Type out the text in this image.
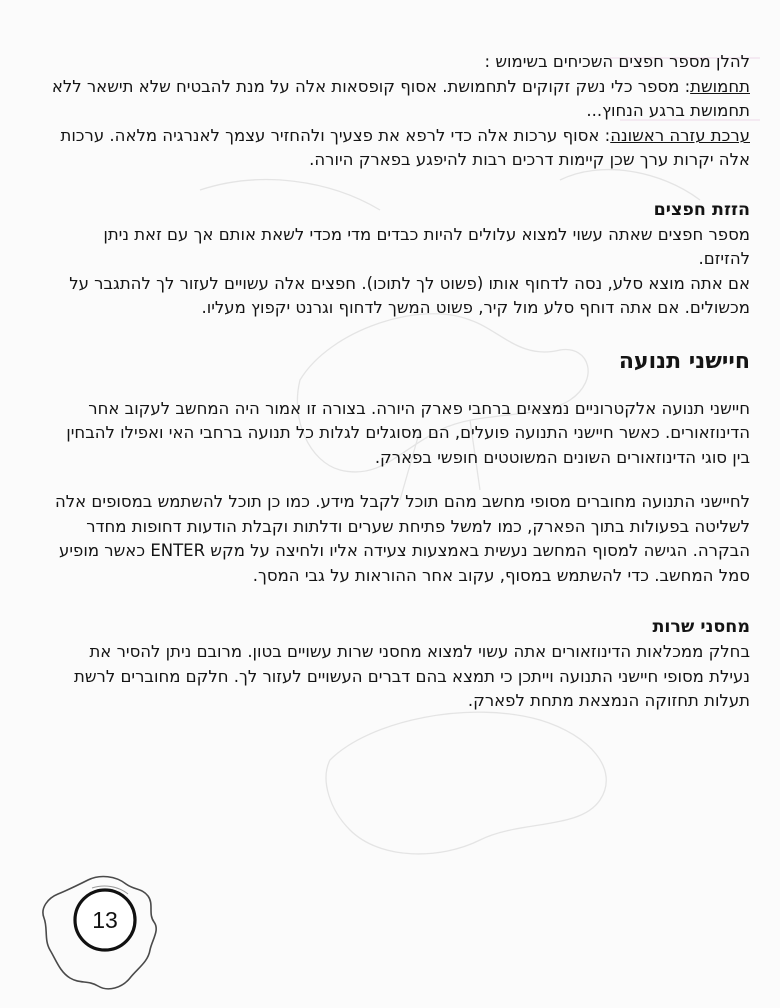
להלן מספר חפצים השכיחים בשימוש :

תחמושת: מספר כלי נשק זקוקים לתחמושת. אסוף קופסאות אלה על מנת להבטיח שלא תישאר ללא תחמושת ברגע הנחוץ...

ערכת עזרה ראשונה: אסוף ערכות אלה כדי לרפא את פצעיך ולהחזיר עצמך לאנרגיה מלאה. ערכות אלה יקרות ערך שכן קיימות דרכים רבות להיפגע בפארק היורה.

הזזת חפצים

מספר חפצים שאתה עשוי למצוא עלולים להיות כבדים מדי מכדי לשאת אותם אך עם זאת ניתן להזיזם.

אם אתה מוצא סלע, נסה לדחוף אותו (פשוט לך לתוכו). חפצים אלה עשויים לעזור לך להתגבר על מכשולים. אם אתה דוחף סלע מול קיר, פשוט המשך לדחוף וגרנט יקפוץ מעליו.

חיישני תנועה

חיישני תנועה אלקטרוניים נמצאים ברחבי פארק היורה. בצורה זו אמור היה המחשב לעקוב אחר הדינוזאורים. כאשר חיישני התנועה פועלים, הם מסוגלים לגלות כל תנועה ברחבי האי ואפילו להבחין בין סוגי הדינוזאורים השונים המשוטטים חופשי בפארק.

לחיישני התנועה מחוברים מסופי מחשב מהם תוכל לקבל מידע. כמו כן תוכל להשתמש במסופים אלה לשליטה בפעולות בתוך הפארק, כמו למשל פתיחת שערים ודלתות וקבלת הודעות דחופות מחדר הבקרה. הגישה למסוף המחשב נעשית באמצעות צעידה אליו ולחיצה על מקש ENTER כאשר מופיע סמל המחשב. כדי להשתמש במסוף, עקוב אחר ההוראות על גבי המסך.

מחסני שרות

בחלק ממכלאות הדינוזאורים אתה עשוי למצוא מחסני שרות עשויים בטון. מרובם ניתן להסיר את נעילת מסופי חיישני התנועה וייתכן כי תמצא בהם דברים העשויים לעזור לך. חלקם מחוברים לרשת תעלות תחזוקה הנמצאת מתחת לפארק.

13
